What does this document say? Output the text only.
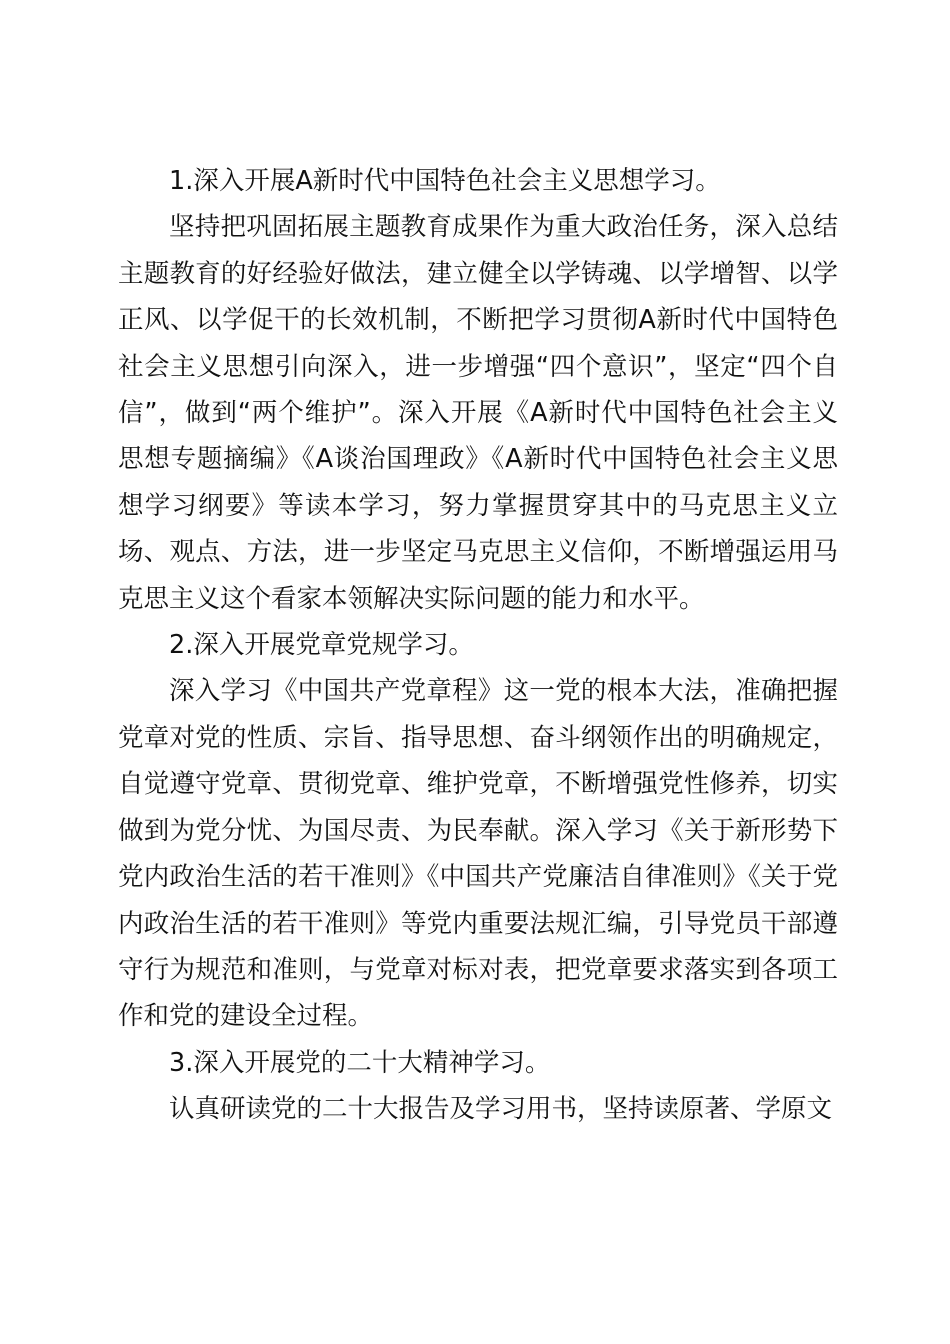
1.深入开展A新时代中国特色社会主义思想学习。

坚持把巩固拓展主题教育成果作为重大政治任务，深入总结主题教育的好经验好做法，建立健全以学铸魂、以学增智、以学正风、以学促干的长效机制，不断把学习贯彻A新时代中国特色社会主义思想引向深入，进一步增强“四个意识”，坚定“四个自信”，做到“两个维护”。深入开展《A新时代中国特色社会主义思想专题摘编》《A谈治国理政》《A新时代中国特色社会主义思想学习纲要》等读本学习，努力掌握贯穿其中的马克思主义立场、观点、方法，进一步坚定马克思主义信仰，不断增强运用马克思主义这个看家本领解决实际问题的能力和水平。

2.深入开展党章党规学习。

深入学习《中国共产党章程》这一党的根本大法，准确把握党章对党的性质、宗旨、指导思想、奋斗纲领作出的明确规定，自觉遵守党章、贯彻党章、维护党章，不断增强党性修养，切实做到为党分忧、为国尽责、为民奉献。深入学习《关于新形势下党内政治生活的若干准则》《中国共产党廉洁自律准则》《关于党内政治生活的若干准则》等党内重要法规汇编，引导党员干部遵守行为规范和准则，与党章对标对表，把党章要求落实到各项工作和党的建设全过程。

3.深入开展党的二十大精神学习。

认真研读党的二十大报告及学习用书，坚持读原著、学原文
